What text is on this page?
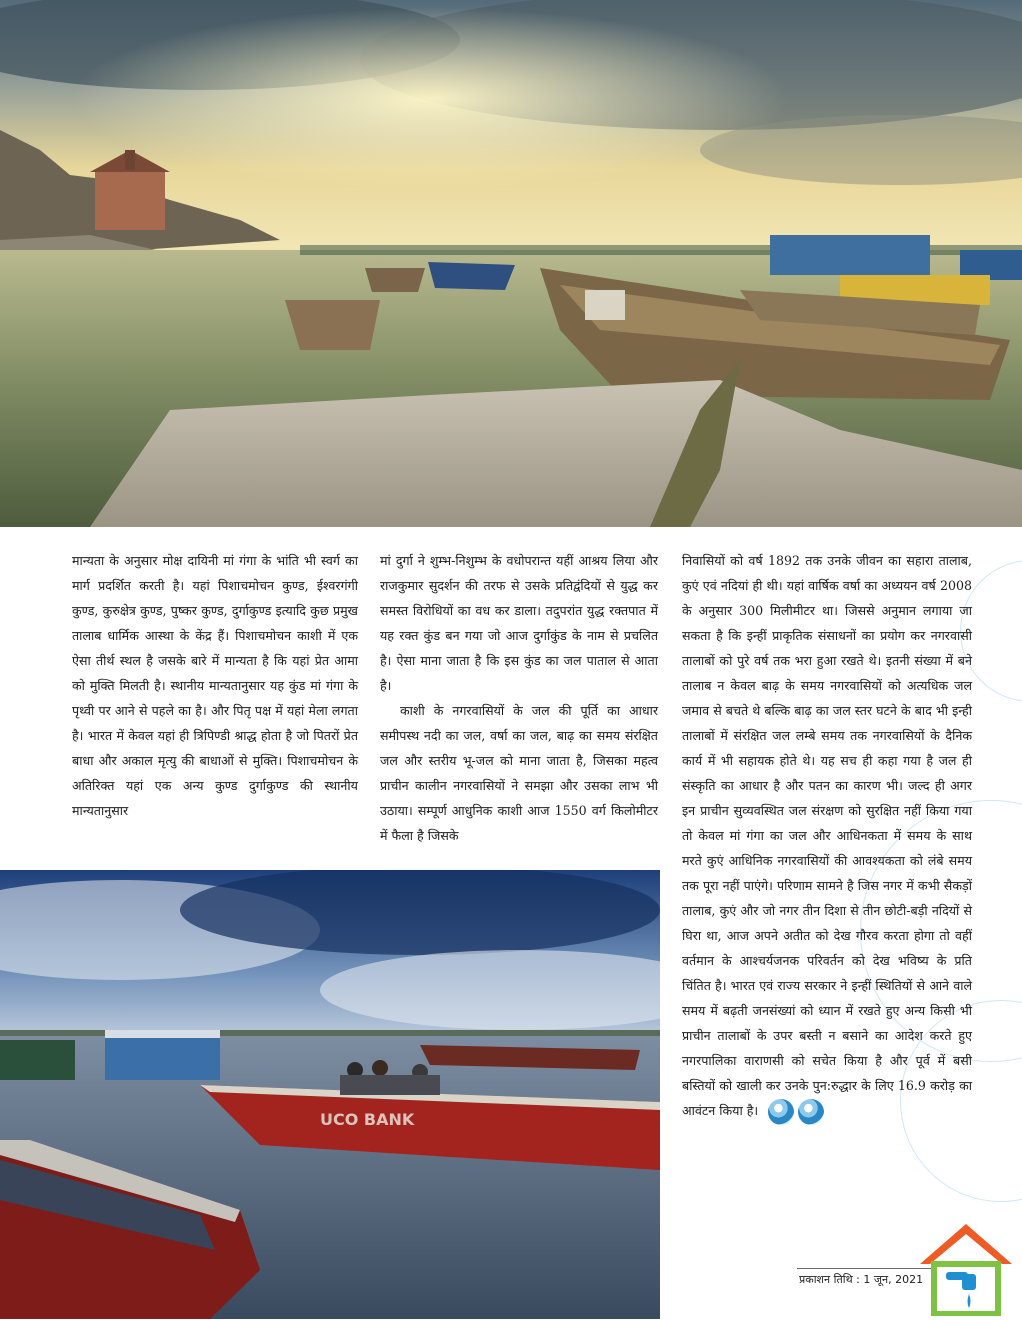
मान्यता के अनुसार मोक्ष दायिनी मां गंगा के भांति भी स्वर्ग का मार्ग प्रदर्शित करती है। यहां पिशाचमोचन कुण्ड, ईश्वरगंगी कुण्ड, कुरुक्षेत्र कुण्ड, पुष्कर कुण्ड, दुर्गाकुण्ड इत्यादि कुछ प्रमुख तालाब धार्मिक आस्था के केंद्र हैं। पिशाचमोचन काशी में एक ऐसा तीर्थ स्थल है जसके बारे में मान्यता है कि यहां प्रेत आमा को मुक्ति मिलती है। स्थानीय मान्यतानुसार यह कुंड मां गंगा के पृथ्वी पर आने से पहले का है। और पितृ पक्ष में यहां मेला लगता है। भारत में केवल यहां ही त्रिपिण्डी श्राद्ध होता है जो पितरों प्रेत बाधा और अकाल मृत्यु की बाधाओं से मुक्ति। पिशाचमोचन के अतिरिक्त यहां एक अन्य कुण्ड दुर्गाकुण्ड की स्थानीय मान्यतानुसार

मां दुर्गा ने शुम्भ-निशुम्भ के वधोपरान्त यहीं आश्रय लिया और राजकुमार सुदर्शन की तरफ से उसके प्रतिद्वंदियों से युद्ध कर समस्त विरोधियों का वध कर डाला। तदुपरांत युद्ध रक्तपात में यह रक्त कुंड बन गया जो आज दुर्गाकुंड के नाम से प्रचलित है। ऐसा माना जाता है कि इस कुंड का जल पाताल से आता है।

काशी के नगरवासियों के जल की पूर्ति का आधार समीपस्थ नदी का जल, वर्षा का जल, बाढ़ का समय संरक्षित जल और स्तरीय भू-जल को माना जाता है, जिसका महत्व प्राचीन कालीन नगरवासियों ने समझा और उसका लाभ भी उठाया। सम्पूर्ण आधुनिक काशी आज 1550 वर्ग किलोमीटर में फैला है जिसके

निवासियों को वर्ष 1892 तक उनके जीवन का सहारा तालाब, कुएं एवं नदियां ही थी। यहां वार्षिक वर्षा का अध्ययन वर्ष 2008 के अनुसार 300 मिलीमीटर था। जिससे अनुमान लगाया जा सकता है कि इन्हीं प्राकृतिक संसाधनों का प्रयोग कर नगरवासी तालाबों को पुरे वर्ष तक भरा हुआ रखते थे। इतनी संख्या में बने तालाब न केवल बाढ़ के समय नगरवासियों को अत्यधिक जल जमाव से बचते थे बल्कि बाढ़ का जल स्तर घटने के बाद भी इन्ही तालाबों में संरक्षित जल लम्बे समय तक नगरवासियों के दैनिक कार्य में भी सहायक होते थे। यह सच ही कहा गया है जल ही संस्कृति का आधार है और पतन का कारण भी। जल्द ही अगर इन प्राचीन सुव्यवस्थित जल संरक्षण को सुरक्षित नहीं किया गया तो केवल मां गंगा का जल और आधिनकता में समय के साथ मरते कुएं आधिनिक नगरवासियों की आवश्यकता को लंबे समय तक पूरा नहीं पाएंगे। परिणाम सामने है जिस नगर में कभी सैकड़ों तालाब, कुएं और जो नगर तीन दिशा से तीन छोटी-बड़ी नदियों से घिरा था, आज अपने अतीत को देख गौरव करता होगा तो वहीं वर्तमान के आश्चर्यजनक परिवर्तन को देख भविष्य के प्रति चिंतित है। भारत एवं राज्य सरकार ने इन्हीं स्थितियों से आने वाले समय में बढ़ती जनसंख्यां को ध्यान में रखते हुए अन्य किसी भी प्राचीन तालाबों के उपर बस्ती न बसाने का आदेश करते हुए नगरपालिका वाराणसी को सचेत किया है और पूर्व में बसी बस्तियों को खाली कर उनके पुन:रुद्धार के लिए 16.9 करोड़ का आवंटन किया है।

UCO BANK
प्रकाशन तिथि : 1 जून, 2021
